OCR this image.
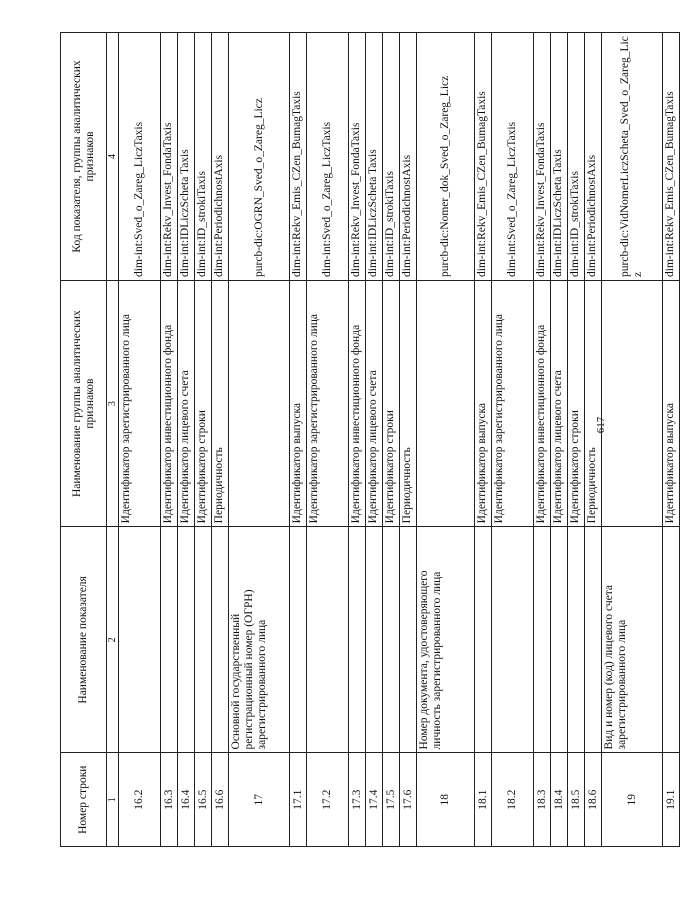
617
Номер строки	Наименование показателя	Наименование группы аналитических признаков	Код показателя, группы аналитических признаков
1	2	3	4
16.2		Идентификатор зарегистрированного лица	dim-int:Sved_o_Zareg_LiczTaxis
16.3		Идентификатор инвестиционного фонда	dim-int:Rekv_Invest_FondaTaxis
16.4		Идентификатор лицевого счета	dim-int:IDLiczScheta Taxis
16.5		Идентификатор строки	dim-int:ID_strokiTaxis
16.6		Периодичность	dim-int:PeriodichnostAxis
17	Основной государственный регистрационный номер (ОГРН) зарегистрированного лица		purcb-dic:OGRN_Sved_o_Zareg_Licz
17.1		Идентификатор выпуска	dim-int:Rekv_Emis_CZen_BumagTaxis
17.2		Идентификатор зарегистрированного лица	dim-int:Sved_o_Zareg_LiczTaxis
17.3		Идентификатор инвестиционного фонда	dim-int:Rekv_Invest_FondaTaxis
17.4		Идентификатор лицевого счета	dim-int:IDLiczScheta Taxis
17.5		Идентификатор строки	dim-int:ID_strokiTaxis
17.6		Периодичность	dim-int:PeriodichnostAxis
18	Номер документа, удостоверяющего личность зарегистрированного лица		purcb-dic:Nomer_dok_Sved_o_Zareg_Licz
18.1		Идентификатор выпуска	dim-int:Rekv_Emis_CZen_BumagTaxis
18.2		Идентификатор зарегистрированного лица	dim-int:Sved_o_Zareg_LiczTaxis
18.3		Идентификатор инвестиционного фонда	dim-int:Rekv_Invest_FondaTaxis
18.4		Идентификатор лицевого счета	dim-int:IDLiczScheta Taxis
18.5		Идентификатор строки	dim-int:ID_strokiTaxis
18.6		Периодичность	dim-int:PeriodichnostAxis
19	Вид и номер (код) лицевого счета зарегистрированного лица		purcb-dic:VidNomerLiczScheta_Sved_o_Zareg_Licz
19.1		Идентификатор выпуска	dim-int:Rekv_Emis_CZen_BumagTaxis
